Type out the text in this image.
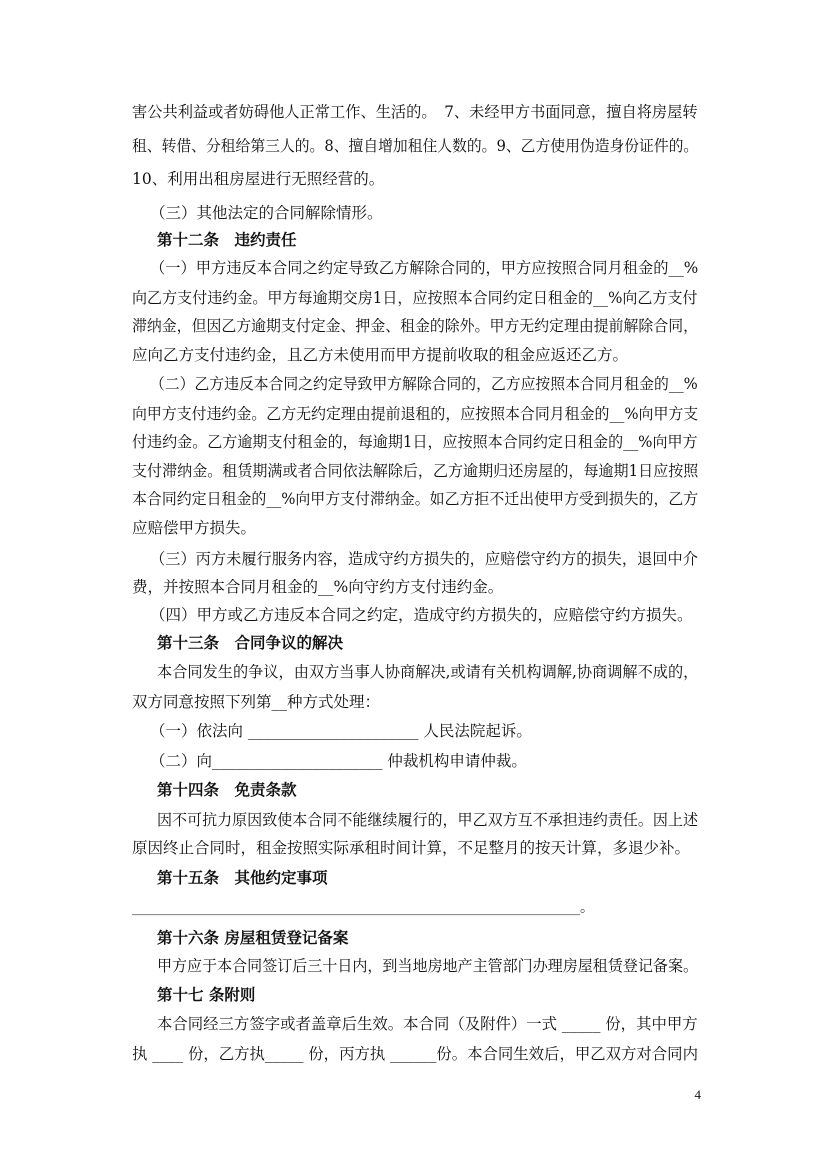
害公共利益或者妨碍他人正常工作、生活的。　7、未经甲方书面同意，擅自将房屋转
租、转借、分租给第三人的。8、擅自增加租住人数的。9、乙方使用伪造身份证件的。
10、利用出租房屋进行无照经营的。
（三）其他法定的合同解除情形。
第十二条　违约责任
（一）甲方违反本合同之约定导致乙方解除合同的，甲方应按照合同月租金的__%
向乙方支付违约金。甲方每逾期交房1日，应按照本合同约定日租金的__%向乙方支付
滞纳金，但因乙方逾期支付定金、押金、租金的除外。甲方无约定理由提前解除合同，
应向乙方支付违约金，且乙方未使用而甲方提前收取的租金应返还乙方。
（二）乙方违反本合同之约定导致甲方解除合同的，乙方应按照本合同月租金的__%
向甲方支付违约金。乙方无约定理由提前退租的，应按照本合同月租金的__%向甲方支
付违约金。乙方逾期支付租金的，每逾期1日，应按照本合同约定日租金的__%向甲方
支付滞纳金。租赁期满或者合同依法解除后，乙方逾期归还房屋的，每逾期1日应按照
本合同约定日租金的__%向甲方支付滞纳金。如乙方拒不迁出使甲方受到损失的，乙方
应赔偿甲方损失。
（三）丙方未履行服务内容，造成守约方损失的，应赔偿守约方的损失，退回中介
费，并按照本合同月租金的__%向守约方支付违约金。
（四）甲方或乙方违反本合同之约定，造成守约方损失的，应赔偿守约方损失。
第十三条　合同争议的解决
本合同发生的争议，由双方当事人协商解决,或请有关机构调解,协商调解不成的，
双方同意按照下列第__种方式处理：
（一）依法向 ______________________ 人民法院起诉。
（二）向______________________ 仲裁机构申请仲裁。
第十四条　免责条款
因不可抗力原因致使本合同不能继续履行的，甲乙双方互不承担违约责任。因上述
原因终止合同时，租金按照实际承租时间计算，不足整月的按天计算，多退少补。
第十五条　其他约定事项
________________________________________________________________。
第十六条 房屋租赁登记备案
甲方应于本合同签订后三十日内，到当地房地产主管部门办理房屋租赁登记备案。
第十七 条附则
本合同经三方签字或者盖章后生效。本合同（及附件）一式 _____ 份，其中甲方
执 ____ 份，乙方执_____ 份，丙方执 ______份。本合同生效后，甲乙双方对合同内
4
